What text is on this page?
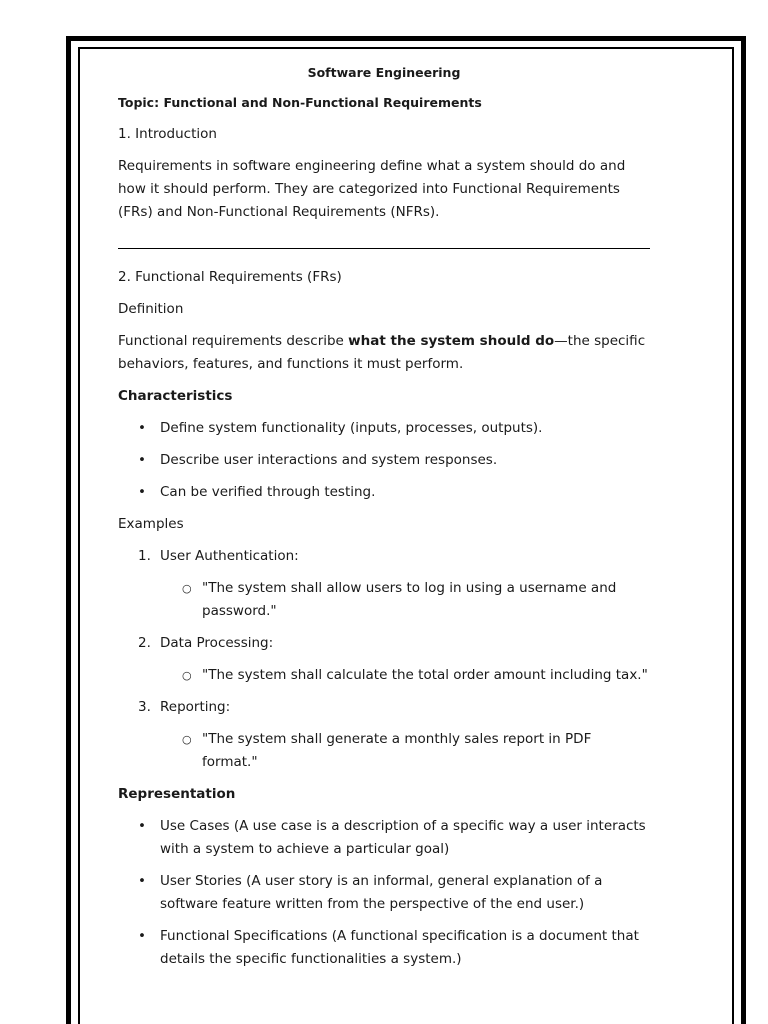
Software Engineering
Topic: Functional and Non-Functional Requirements

1. Introduction

Requirements in software engineering define what a system should do and how it should perform. They are categorized into Functional Requirements (FRs) and Non-Functional Requirements (NFRs).

2. Functional Requirements (FRs)

Definition

Functional requirements describe what the system should do—the specific behaviors, features, and functions it must perform.

Characteristics

• Define system functionality (inputs, processes, outputs).
• Describe user interactions and system responses.
• Can be verified through testing.

Examples

1. User Authentication:
○ "The system shall allow users to log in using a username and password."
2. Data Processing:
○ "The system shall calculate the total order amount including tax."
3. Reporting:
○ "The system shall generate a monthly sales report in PDF format."

Representation

• Use Cases (A use case is a description of a specific way a user interacts with a system to achieve a particular goal)
• User Stories (A user story is an informal, general explanation of a software feature written from the perspective of the end user.)
• Functional Specifications (A functional specification is a document that details the specific functionalities a system.)
